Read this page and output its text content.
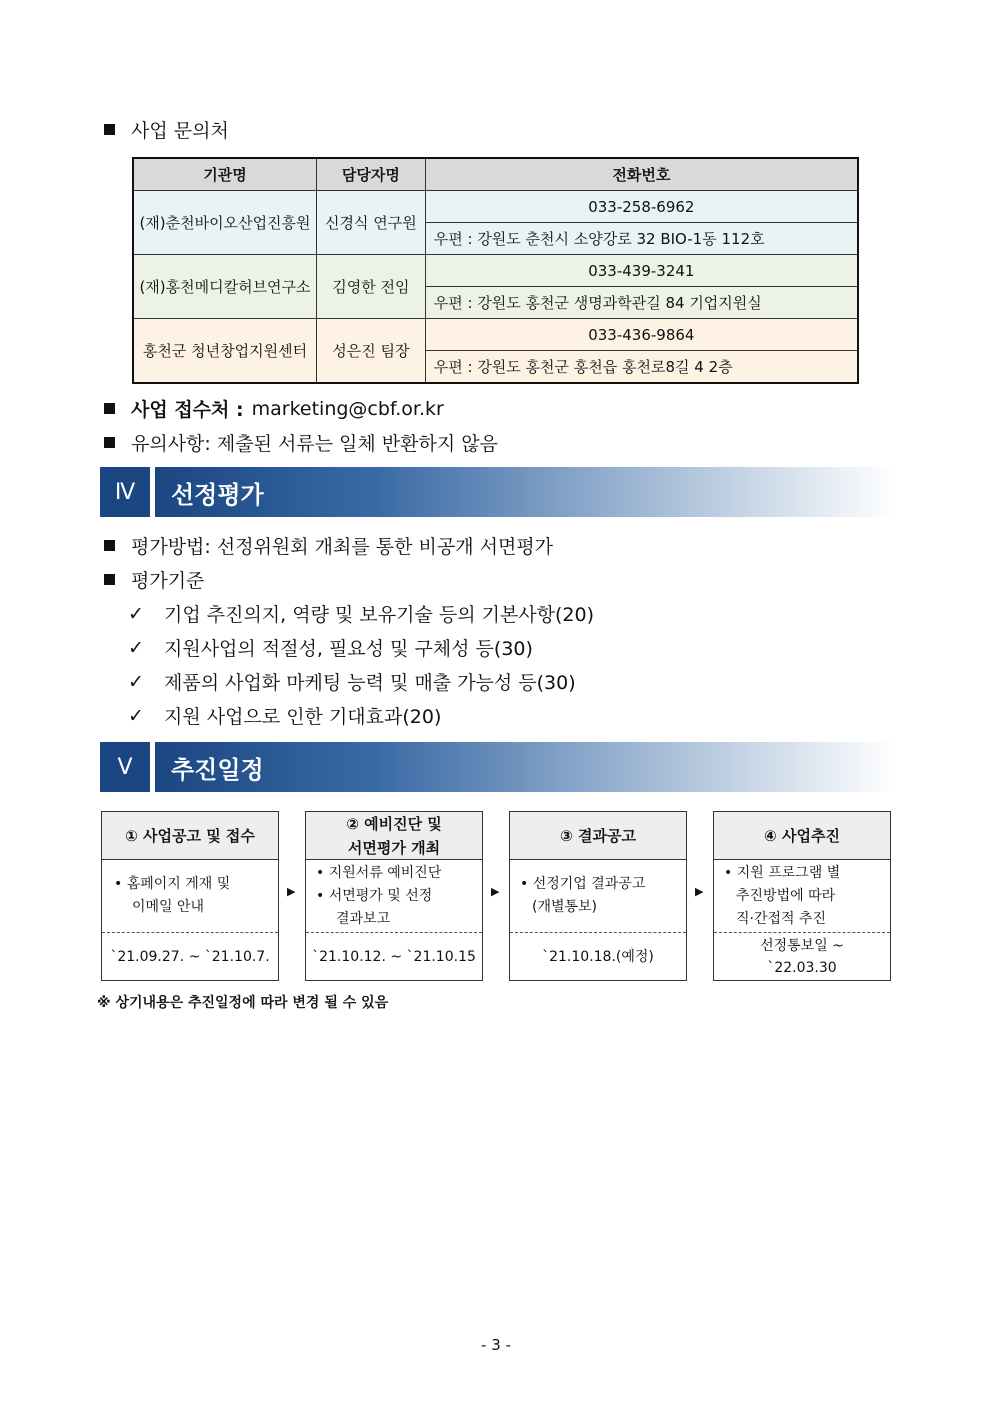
사업 문의처
기관명	담당자명	전화번호
(재)춘천바이오산업진흥원	신경식 연구원	033-258-6962
		우편 : 강원도 춘천시 소양강로 32 BIO-1동 112호
(재)홍천메디칼허브연구소	김영한 전임	033-439-3241
		우편 : 강원도 홍천군 생명과학관길 84 기업지원실
홍천군 청년창업지원센터	성은진 팀장	033-436-9864
		우편 : 강원도 홍천군 홍천읍 홍천로8길 4 2층
사업 접수처 : marketing@cbf.or.kr
유의사항: 제출된 서류는 일체 반환하지 않음
Ⅳ	선정평가
평가방법: 선정위원회 개최를 통한 비공개 서면평가
평가기준
✓	기업 추진의지, 역량 및 보유기술 등의 기본사항(20)
✓	지원사업의 적절성, 필요성 및 구체성 등(30)
✓	제품의 사업화 마케팅 능력 및 매출 가능성 등(30)
✓	지원 사업으로 인한 기대효과(20)
Ⅴ	추진일정
① 사업공고 및 접수
• 홈페이지 게재 및
이메일 안내
`21.09.27. ~ `21.10.7.
▶
② 예비진단 및
서면평가 개최
• 지원서류 예비진단
• 서면평가 및 선정
결과보고
`21.10.12. ~ `21.10.15
▶
③ 결과공고
• 선정기업 결과공고
(개별통보)
`21.10.18.(예정)
▶
④ 사업추진
• 지원 프로그램 별
추진방법에 따라
직·간접적 추진
선정통보일 ~
`22.03.30
※ 상기내용은 추진일정에 따라 변경 될 수 있음
- 3 -
